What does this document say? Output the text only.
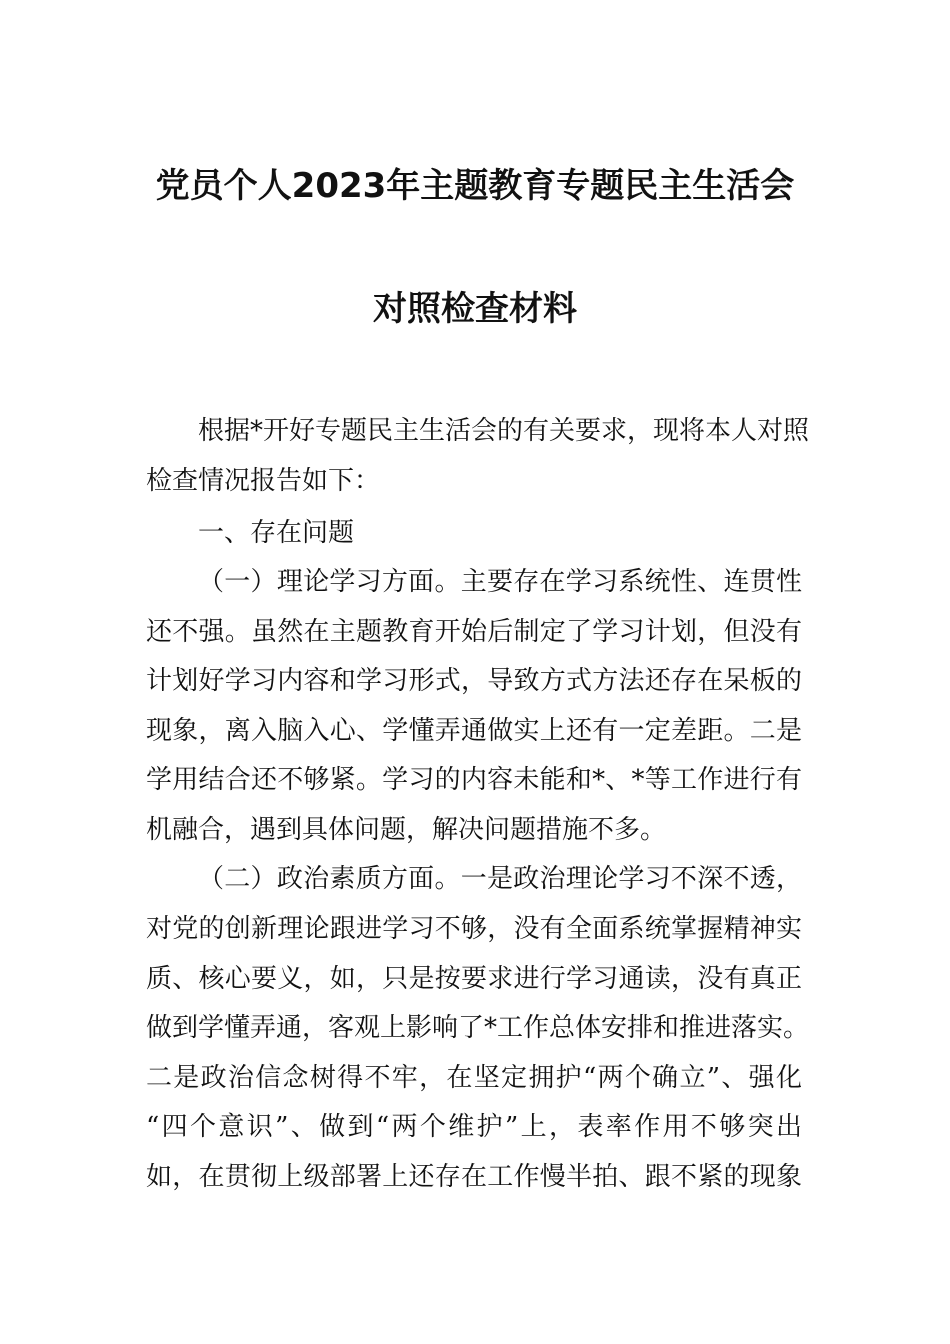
党员个人2023年主题教育专题民主生活会
对照检查材料
根据*开好专题民主生活会的有关要求，现将本人对照
检查情况报告如下：
一、存在问题
（一）理论学习方面。主要存在学习系统性、连贯性
还不强。虽然在主题教育开始后制定了学习计划，但没有
计划好学习内容和学习形式，导致方式方法还存在呆板的
现象，离入脑入心、学懂弄通做实上还有一定差距。二是
学用结合还不够紧。学习的内容未能和*、*等工作进行有
机融合，遇到具体问题，解决问题措施不多。
（二）政治素质方面。一是政治理论学习不深不透，
对党的创新理论跟进学习不够，没有全面系统掌握精神实
质、核心要义，如，只是按要求进行学习通读，没有真正
做到学懂弄通，客观上影响了*工作总体安排和推进落实。
二是政治信念树得不牢，在坚定拥护“两个确立”、强化
“四个意识”、做到“两个维护”上，表率作用不够突出
如，在贯彻上级部署上还存在工作慢半拍、跟不紧的现象
